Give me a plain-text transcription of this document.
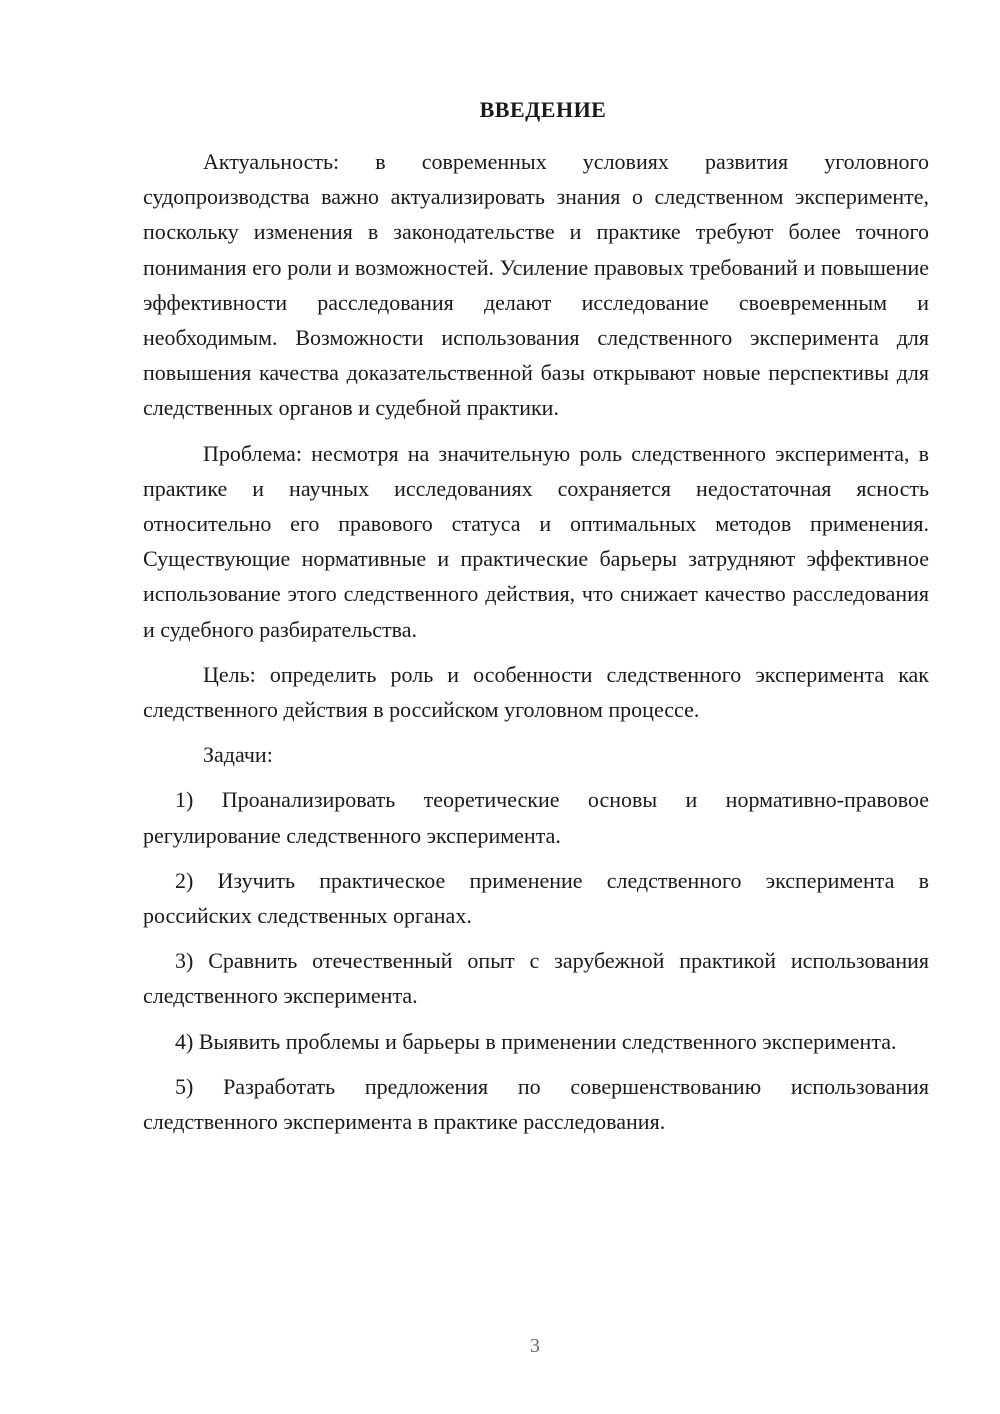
ВВЕДЕНИЕ

Актуальность: в современных условиях развития уголовного судопроизводства важно актуализировать знания о следственном эксперименте, поскольку изменения в законодательстве и практике требуют более точного понимания его роли и возможностей. Усиление правовых требований и повышение эффективности расследования делают исследование своевременным и необходимым. Возможности использования следственного эксперимента для повышения качества доказательственной базы открывают новые перспективы для следственных органов и судебной практики.

Проблема: несмотря на значительную роль следственного эксперимента, в практике и научных исследованиях сохраняется недостаточная ясность относительно его правового статуса и оптимальных методов применения. Существующие нормативные и практические барьеры затрудняют эффективное использование этого следственного действия, что снижает качество расследования и судебного разбирательства.

Цель: определить роль и особенности следственного эксперимента как следственного действия в российском уголовном процессе.

Задачи:

1) Проанализировать теоретические основы и нормативно-правовое регулирование следственного эксперимента.

2) Изучить практическое применение следственного эксперимента в российских следственных органах.

3) Сравнить отечественный опыт с зарубежной практикой использования следственного эксперимента.

4) Выявить проблемы и барьеры в применении следственного эксперимента.

5) Разработать предложения по совершенствованию использования следственного эксперимента в практике расследования.

3
